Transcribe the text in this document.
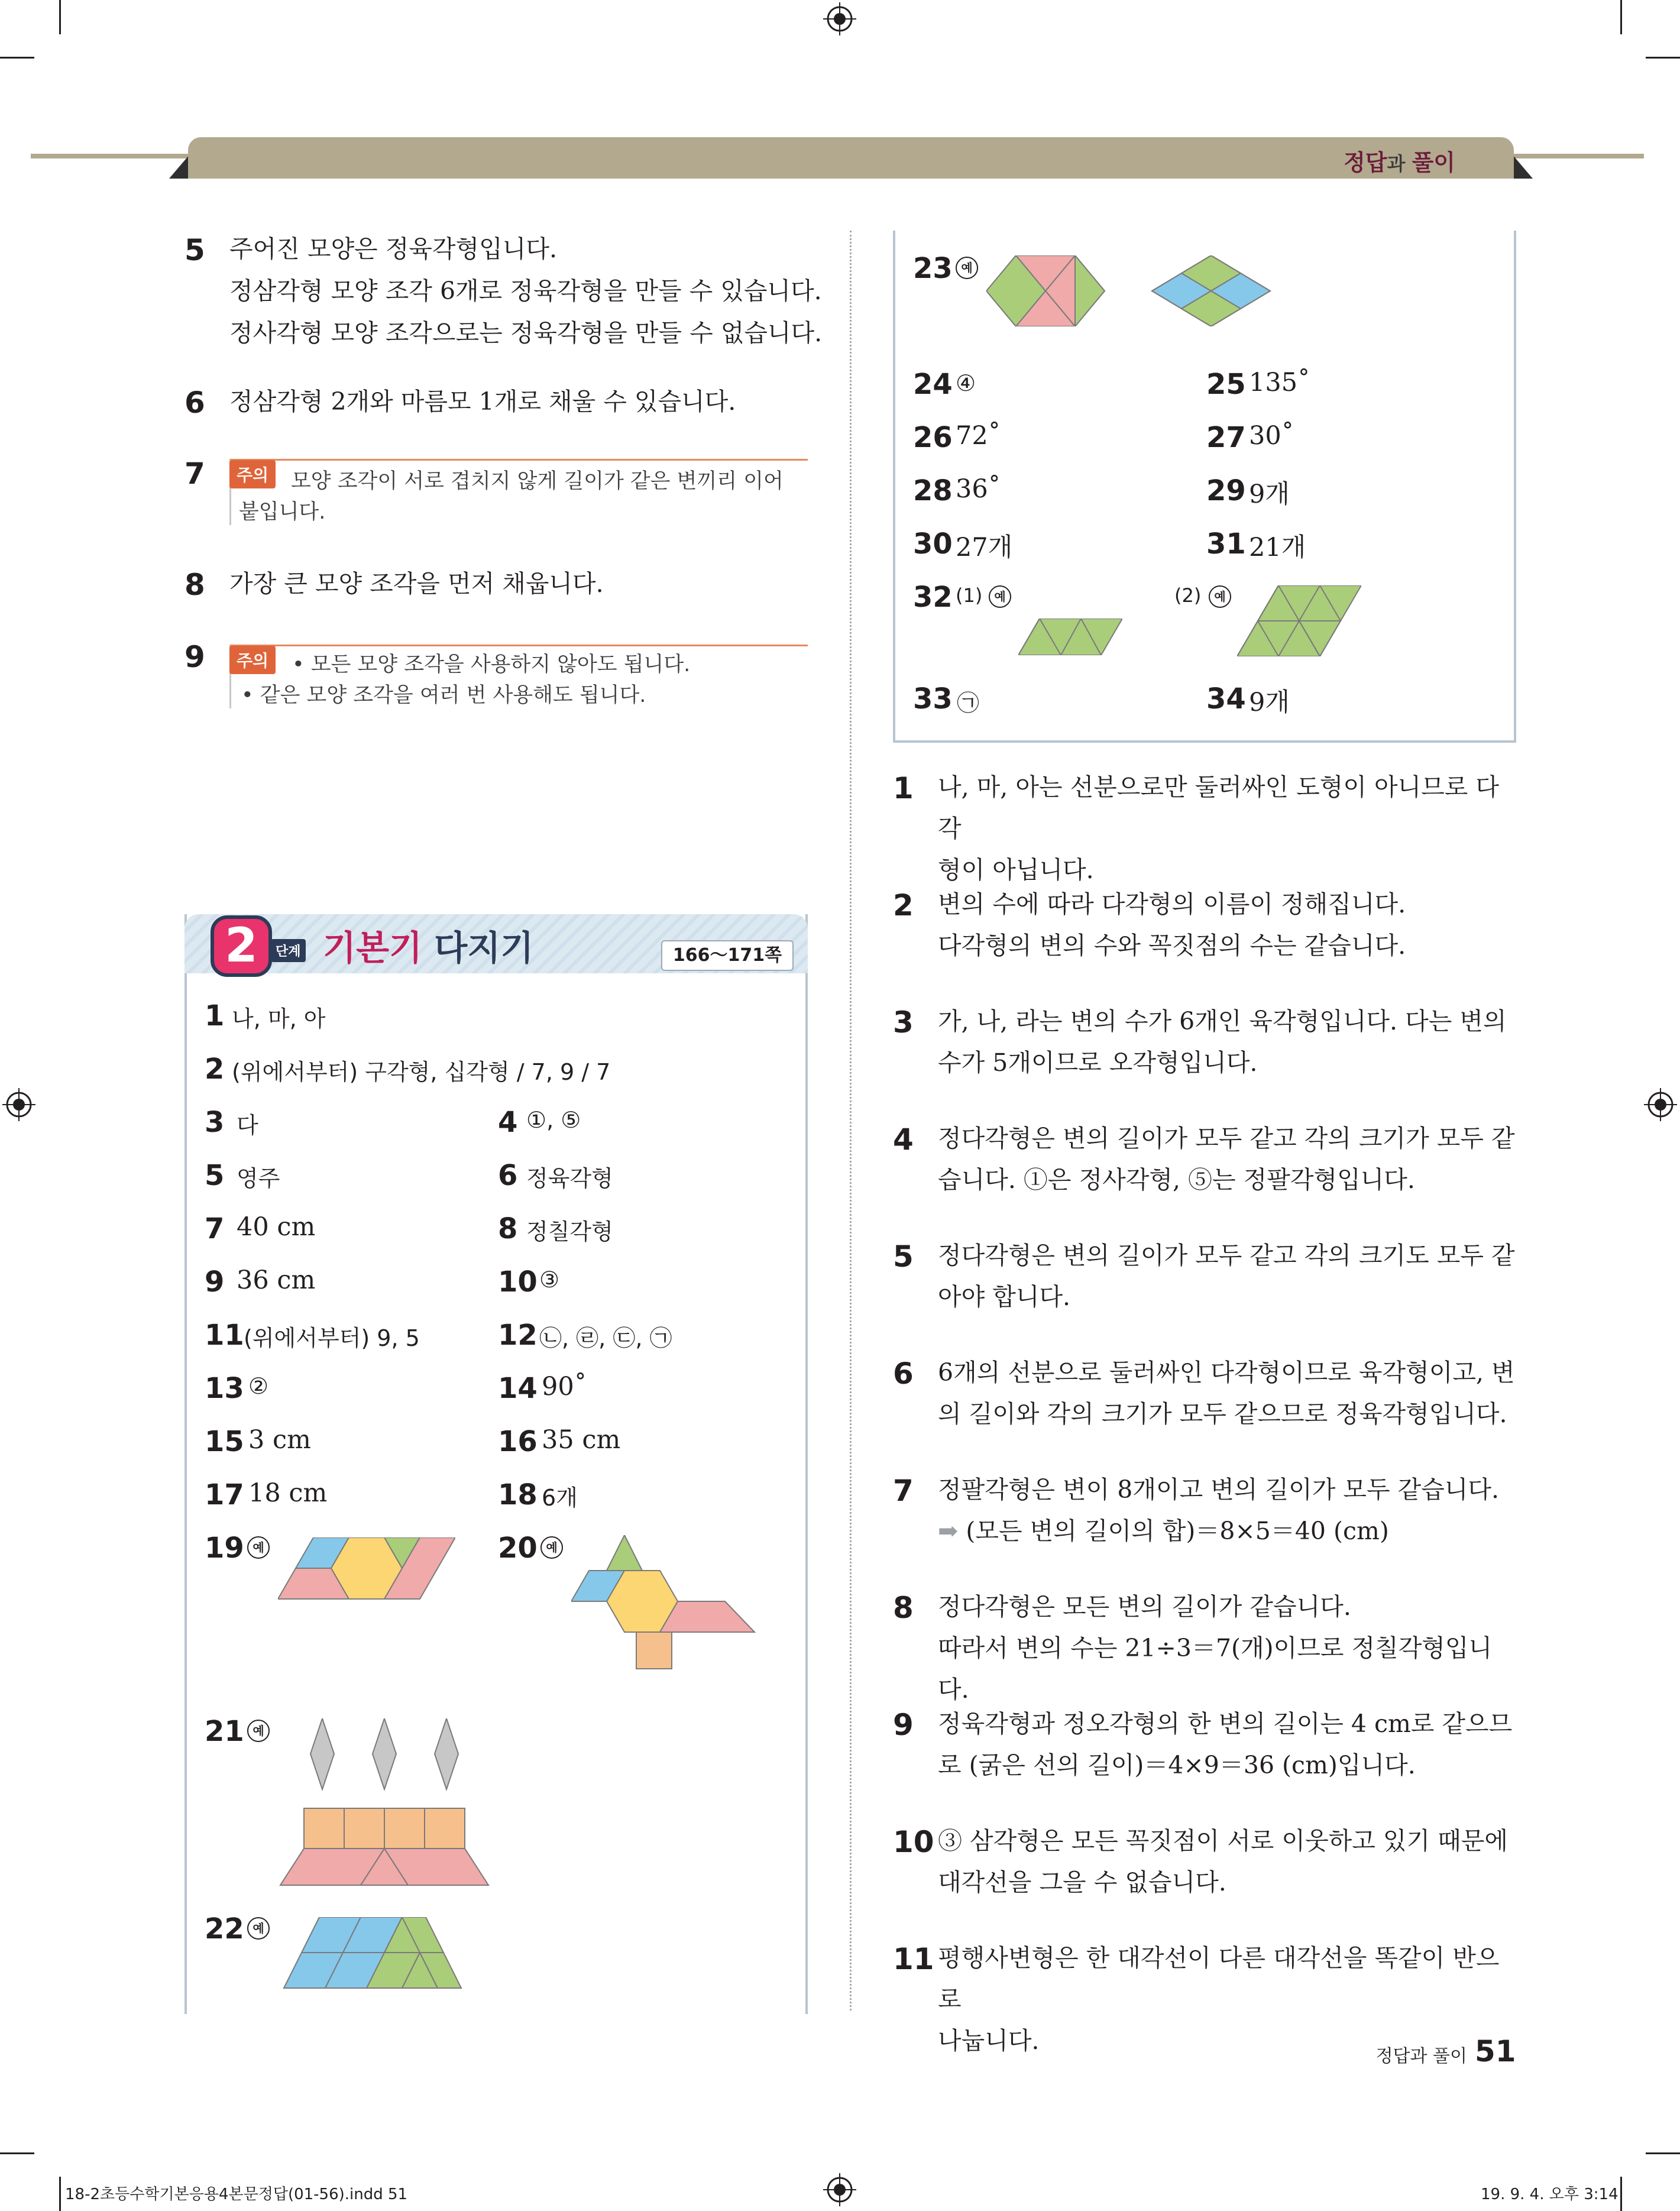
정답과 풀이
5 주어진 모양은 정육각형입니다.
정삼각형 모양 조각 6개로 정육각형을 만들 수 있습니다.
정사각형 모양 조각으로는 정육각형을 만들 수 없습니다.
6 정삼각형 2개와 마름모 1개로 채울 수 있습니다.
7	주의	모양 조각이 서로 겹치지 않게 길이가 같은 변끼리 이어
붙입니다.
8 가장 큰 모양 조각을 먼저 채웁니다.
9	주의	• 모든 모양 조각을 사용하지 않아도 됩니다.
• 같은 모양 조각을 여러 번 사용해도 됩니다.
2	단계 기본기 다지기	166～171쪽
1 나, 마, 아
2 (위에서부터) 구각형, 십각형 / 7, 9 / 7
3 다	4 ①, ⑤
5 영주	6 정육각형
7 40 cm	8 정칠각형
9 36 cm	10 ③
11 (위에서부터) 9, 5	12 ㉡, ㉣, ㉢, ㉠
13 ②	14 90˚
15 3 cm	16 35 cm
17 18 cm	18 6개
19 예	20 예
21 예
22 예
23 예
24 ④	25 135˚
26 72˚	27 30˚
28 36˚	29 9개
30 27개	31 21개
32 (1)	예	(2)	예
33 ㉠	34 9개
1 나, 마, 아는 선분으로만 둘러싸인 도형이 아니므로 다각
형이 아닙니다.
2 변의 수에 따라 다각형의 이름이 정해집니다.
다각형의 변의 수와 꼭짓점의 수는 같습니다.
3 가, 나, 라는 변의 수가 6개인 육각형입니다. 다는 변의
수가 5개이므로 오각형입니다.
4 정다각형은 변의 길이가 모두 같고 각의 크기가 모두 같
습니다. ①은 정사각형, ⑤는 정팔각형입니다.
5 정다각형은 변의 길이가 모두 같고 각의 크기도 모두 같
아야 합니다.
6 6개의 선분으로 둘러싸인 다각형이므로 육각형이고, 변
의 길이와 각의 크기가 모두 같으므로 정육각형입니다.
7 정팔각형은 변이 8개이고 변의 길이가 모두 같습니다.
➡ (모든 변의 길이의 합)＝8×5＝40 (cm)
8 정다각형은 모든 변의 길이가 같습니다.
따라서 변의 수는 21÷3＝7(개)이므로 정칠각형입니다.
9 정육각형과 정오각형의 한 변의 길이는 4 cm로 같으므
로 (굵은 선의 길이)＝4×9＝36 (cm)입니다.
10 ③ 삼각형은 모든 꼭짓점이 서로 이웃하고 있기 때문에
대각선을 그을 수 없습니다.
11 평행사변형은 한 대각선이 다른 대각선을 똑같이 반으로
나눕니다.
정답과 풀이 51
18-2초등수학기본응용4본문정답(01-56).indd 51	19. 9. 4. 오후 3:14
